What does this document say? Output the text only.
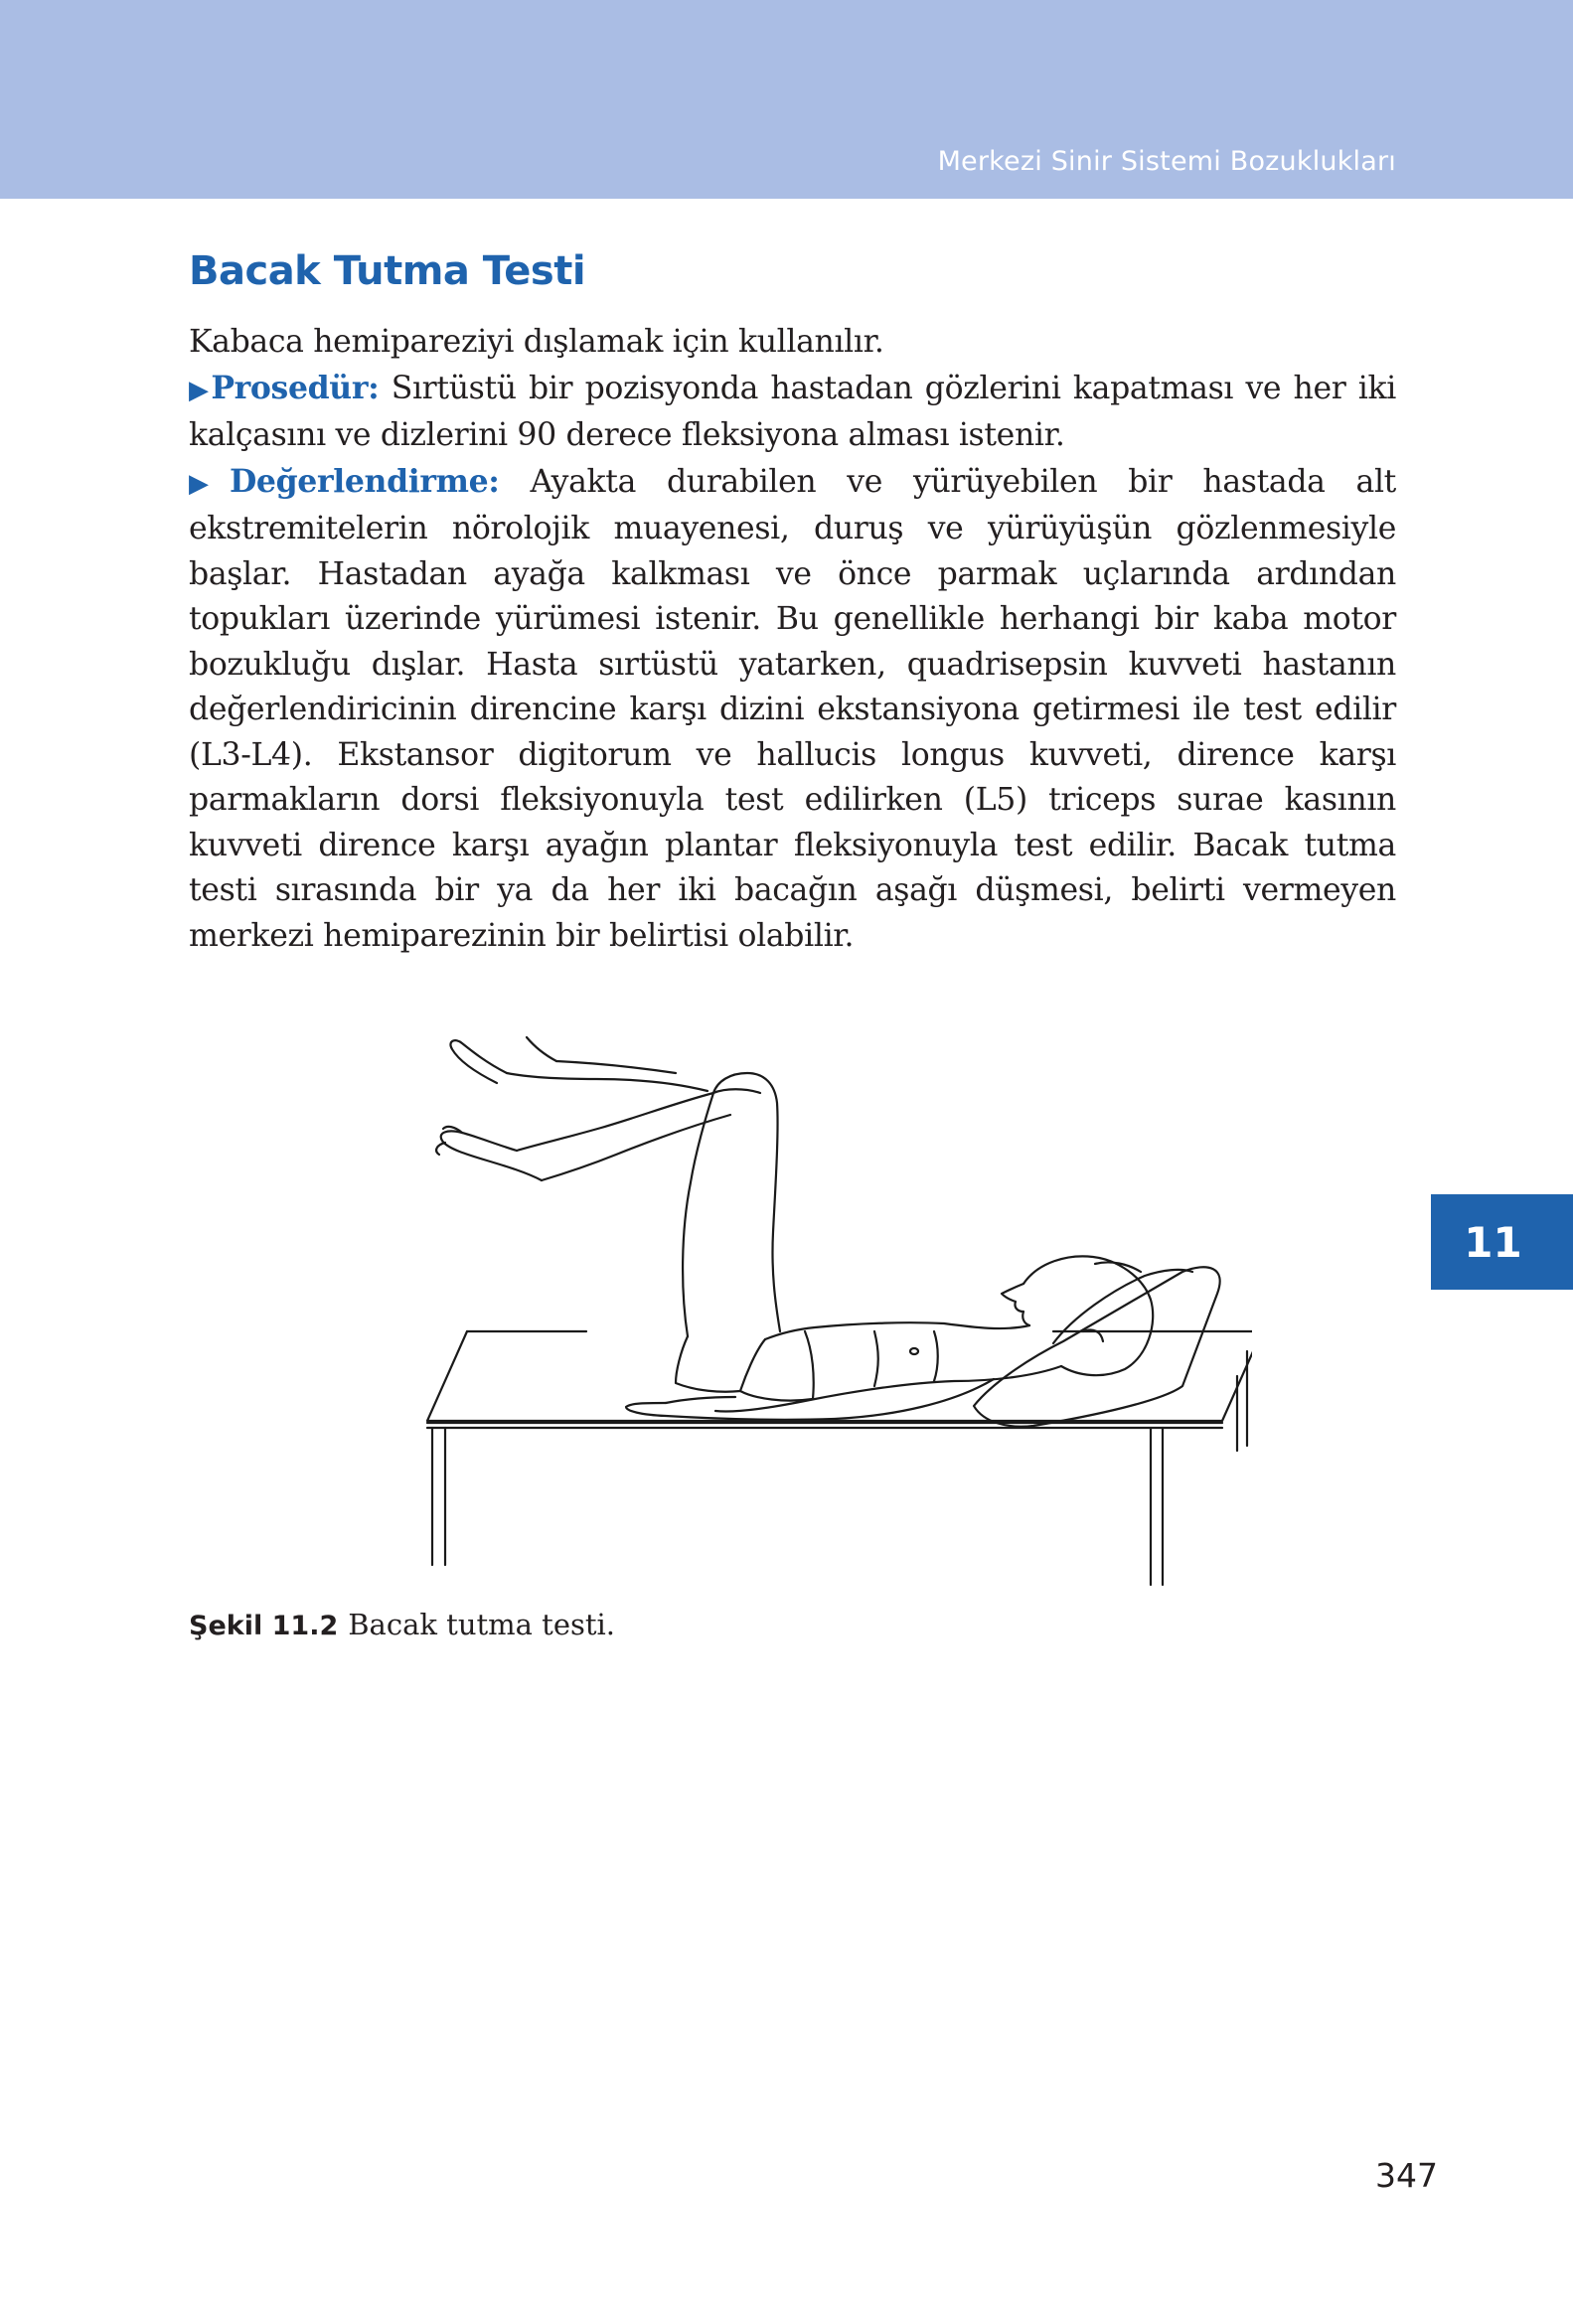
Merkezi Sinir Sistemi Bozuklukları
11
Bacak Tutma Testi

Kabaca hemipareziyi dışlamak için kullanılır.

▶Prosedür: Sırtüstü bir pozisyonda hastadan gözlerini kapatması ve her iki kalçasını ve dizlerini 90 derece fleksiyona alması istenir.

▶Değerlendirme: Ayakta durabilen ve yürüyebilen bir hastada alt ekstremitelerin nörolojik muayenesi, duruş ve yürüyüşün gözlenmesiyle başlar. Hastadan ayağa kalkması ve önce parmak uçlarında ardından topukları üzerinde yürümesi istenir. Bu genellikle herhangi bir kaba motor bozukluğu dışlar. Hasta sırtüstü yatarken, quadrisepsin kuvveti hastanın değerlendiricinin direncine karşı dizini ekstansiyona getirmesi ile test edilir (L3-L4). Ekstansor digitorum ve hallucis longus kuvveti, dirence karşı parmakların dorsi fleksiyonuyla test edilirken (L5) triceps surae kasının kuvveti dirence karşı ayağın plantar fleksiyonuyla test edilir. Bacak tutma testi sırasında bir ya da her iki bacağın aşağı düşmesi, belirti vermeyen merkezi hemiparezinin bir belirtisi olabilir.

Şekil 11.2 Bacak tutma testi.
347
